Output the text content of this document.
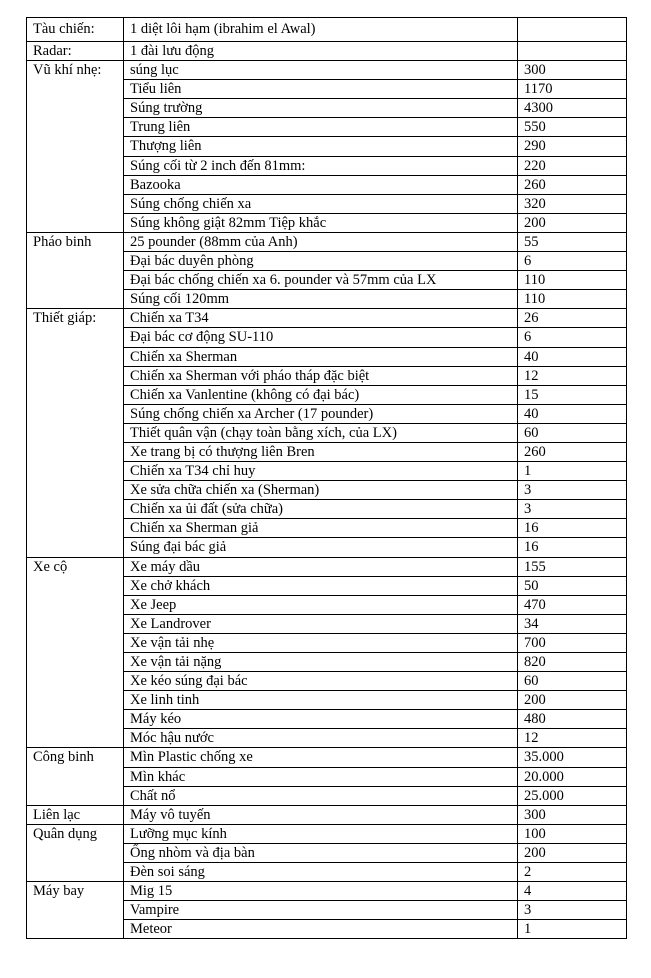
Tàu chiến:	1 diệt lôi hạm (ibrahim el Awal)	
Radar:	1 đài lưu động	
Vũ khí nhẹ:	súng lục	300
	Tiểu liên	1170
	Súng trường	4300
	Trung liên	550
	Thượng liên	290
	Súng cối từ 2 inch đến 81mm:	220
	Bazooka	260
	Súng chống chiến xa	320
	Súng không giật 82mm Tiệp khắc	200
Pháo binh	25 pounder (88mm của Anh)	55
	Đại bác duyên phòng	6
	Đại bác chống chiến xa 6. pounder và 57mm của LX	110
	Súng cối 120mm	110
Thiết giáp:	Chiến xa T34	26
	Đại bác cơ động SU-110	6
	Chiến xa Sherman	40
	Chiến xa Sherman với pháo tháp đặc biệt	12
	Chiến xa Vanlentine (không có đại bác)	15
	Súng chống chiến xa Archer (17 pounder)	40
	Thiết quân vận (chạy toàn bằng xích, của LX)	60
	Xe trang bị có thượng liên Bren	260
	Chiến xa T34 chỉ huy	1
	Xe sửa chữa chiến xa (Sherman)	3
	Chiến xa ủi đất (sửa chữa)	3
	Chiến xa Sherman giả	16
	Súng đại bác giả	16
Xe cộ	Xe máy dầu	155
	Xe chở khách	50
	Xe Jeep	470
	Xe Landrover	34
	Xe vận tải nhẹ	700
	Xe vận tải nặng	820
	Xe kéo súng đại bác	60
	Xe linh tinh	200
	Máy kéo	480
	Móc hậu nước	12
Công binh	Mìn Plastic chống xe	35.000
	Mìn khác	20.000
	Chất nổ	25.000
Liên lạc	Máy vô tuyến	300
Quân dụng	Lưỡng mục kính	100
	Ống nhòm và địa bàn	200
	Đèn soi sáng	2
Máy bay	Mig 15	4
	Vampire	3
	Meteor	1
